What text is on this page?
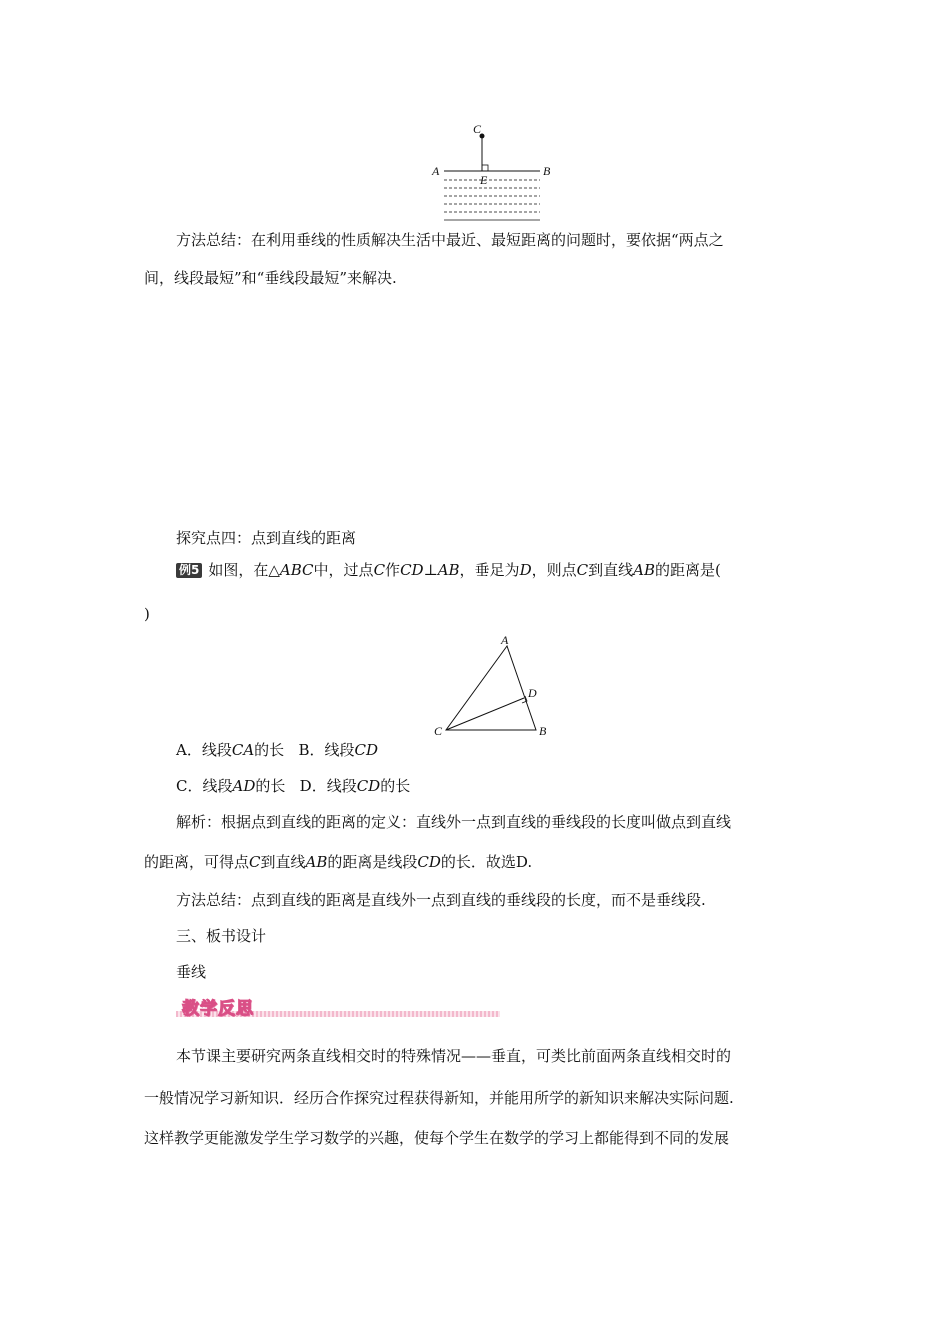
C
A	B
E
方法总结：在利用垂线的性质解决生活中最近、最短距离的问题时，要依据“两点之
间，线段最短”和“垂线段最短”来解决.
探究点四：点到直线的距离
例5 如图，在△ABC中，过点C作CD⊥AB，垂足为D，则点C到直线AB的距离是(
)
A
D
C	B
A．线段CA的长 B．线段CD
C．线段AD的长 D．线段CD的长
解析：根据点到直线的距离的定义：直线外一点到直线的垂线段的长度叫做点到直线
的距离，可得点C到直线AB的距离是线段CD的长．故选D.
方法总结：点到直线的距离是直线外一点到直线的垂线段的长度，而不是垂线段.
三、板书设计
垂线
教学反思
本节课主要研究两条直线相交时的特殊情况——垂直，可类比前面两条直线相交时的
一般情况学习新知识．经历合作探究过程获得新知，并能用所学的新知识来解决实际问题.
这样教学更能激发学生学习数学的兴趣，使每个学生在数学的学习上都能得到不同的发展
